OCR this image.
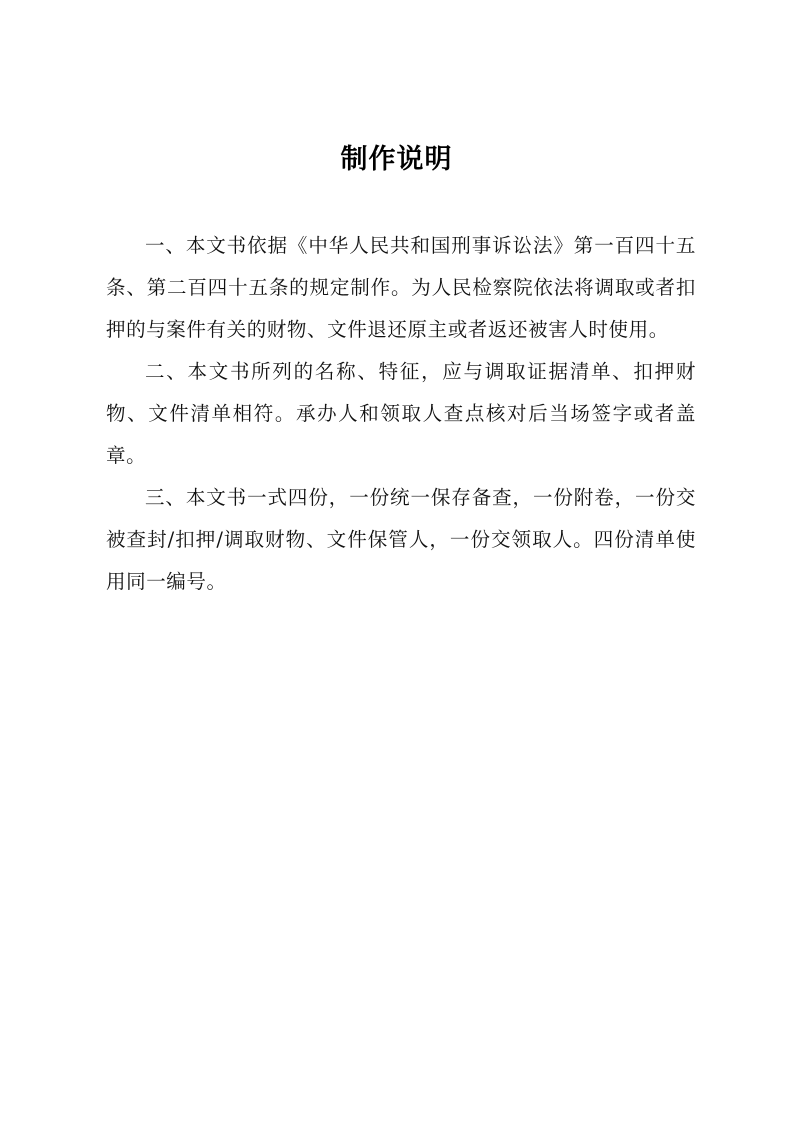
制作说明

一、本文书依据《中华人民共和国刑事诉讼法》第一百四十五条、第二百四十五条的规定制作。为人民检察院依法将调取或者扣押的与案件有关的财物、文件退还原主或者返还被害人时使用。

二、本文书所列的名称、特征，应与调取证据清单、扣押财物、文件清单相符。承办人和领取人查点核对后当场签字或者盖章。

三、本文书一式四份，一份统一保存备查，一份附卷，一份交被查封/扣押/调取财物、文件保管人，一份交领取人。四份清单使用同一编号。
